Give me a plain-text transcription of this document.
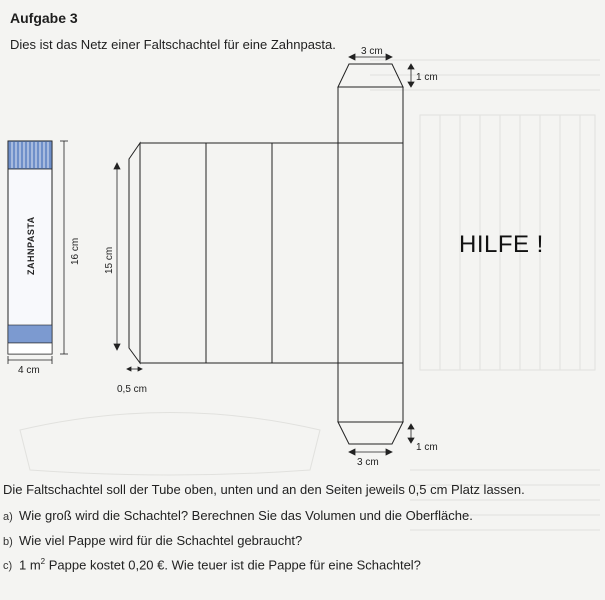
Aufgabe 3
Dies ist das Netz einer Faltschachtel für eine Zahnpasta.
ZAHNPASTA	16 cm
4 cm
3 cm
1 cm
15 cm
0,5 cm
1 cm
3 cm
HILFE !
Die Faltschachtel soll der Tube oben, unten und an den Seiten jeweils 0,5 cm Platz lassen.
a) Wie groß wird die Schachtel? Berechnen Sie das Volumen und die Oberfläche.
b) Wie viel Pappe wird für die Schachtel gebraucht?
c) 1 $m^2$ Pappe kostet 0,20 €. Wie teuer ist die Pappe für eine Schachtel?
